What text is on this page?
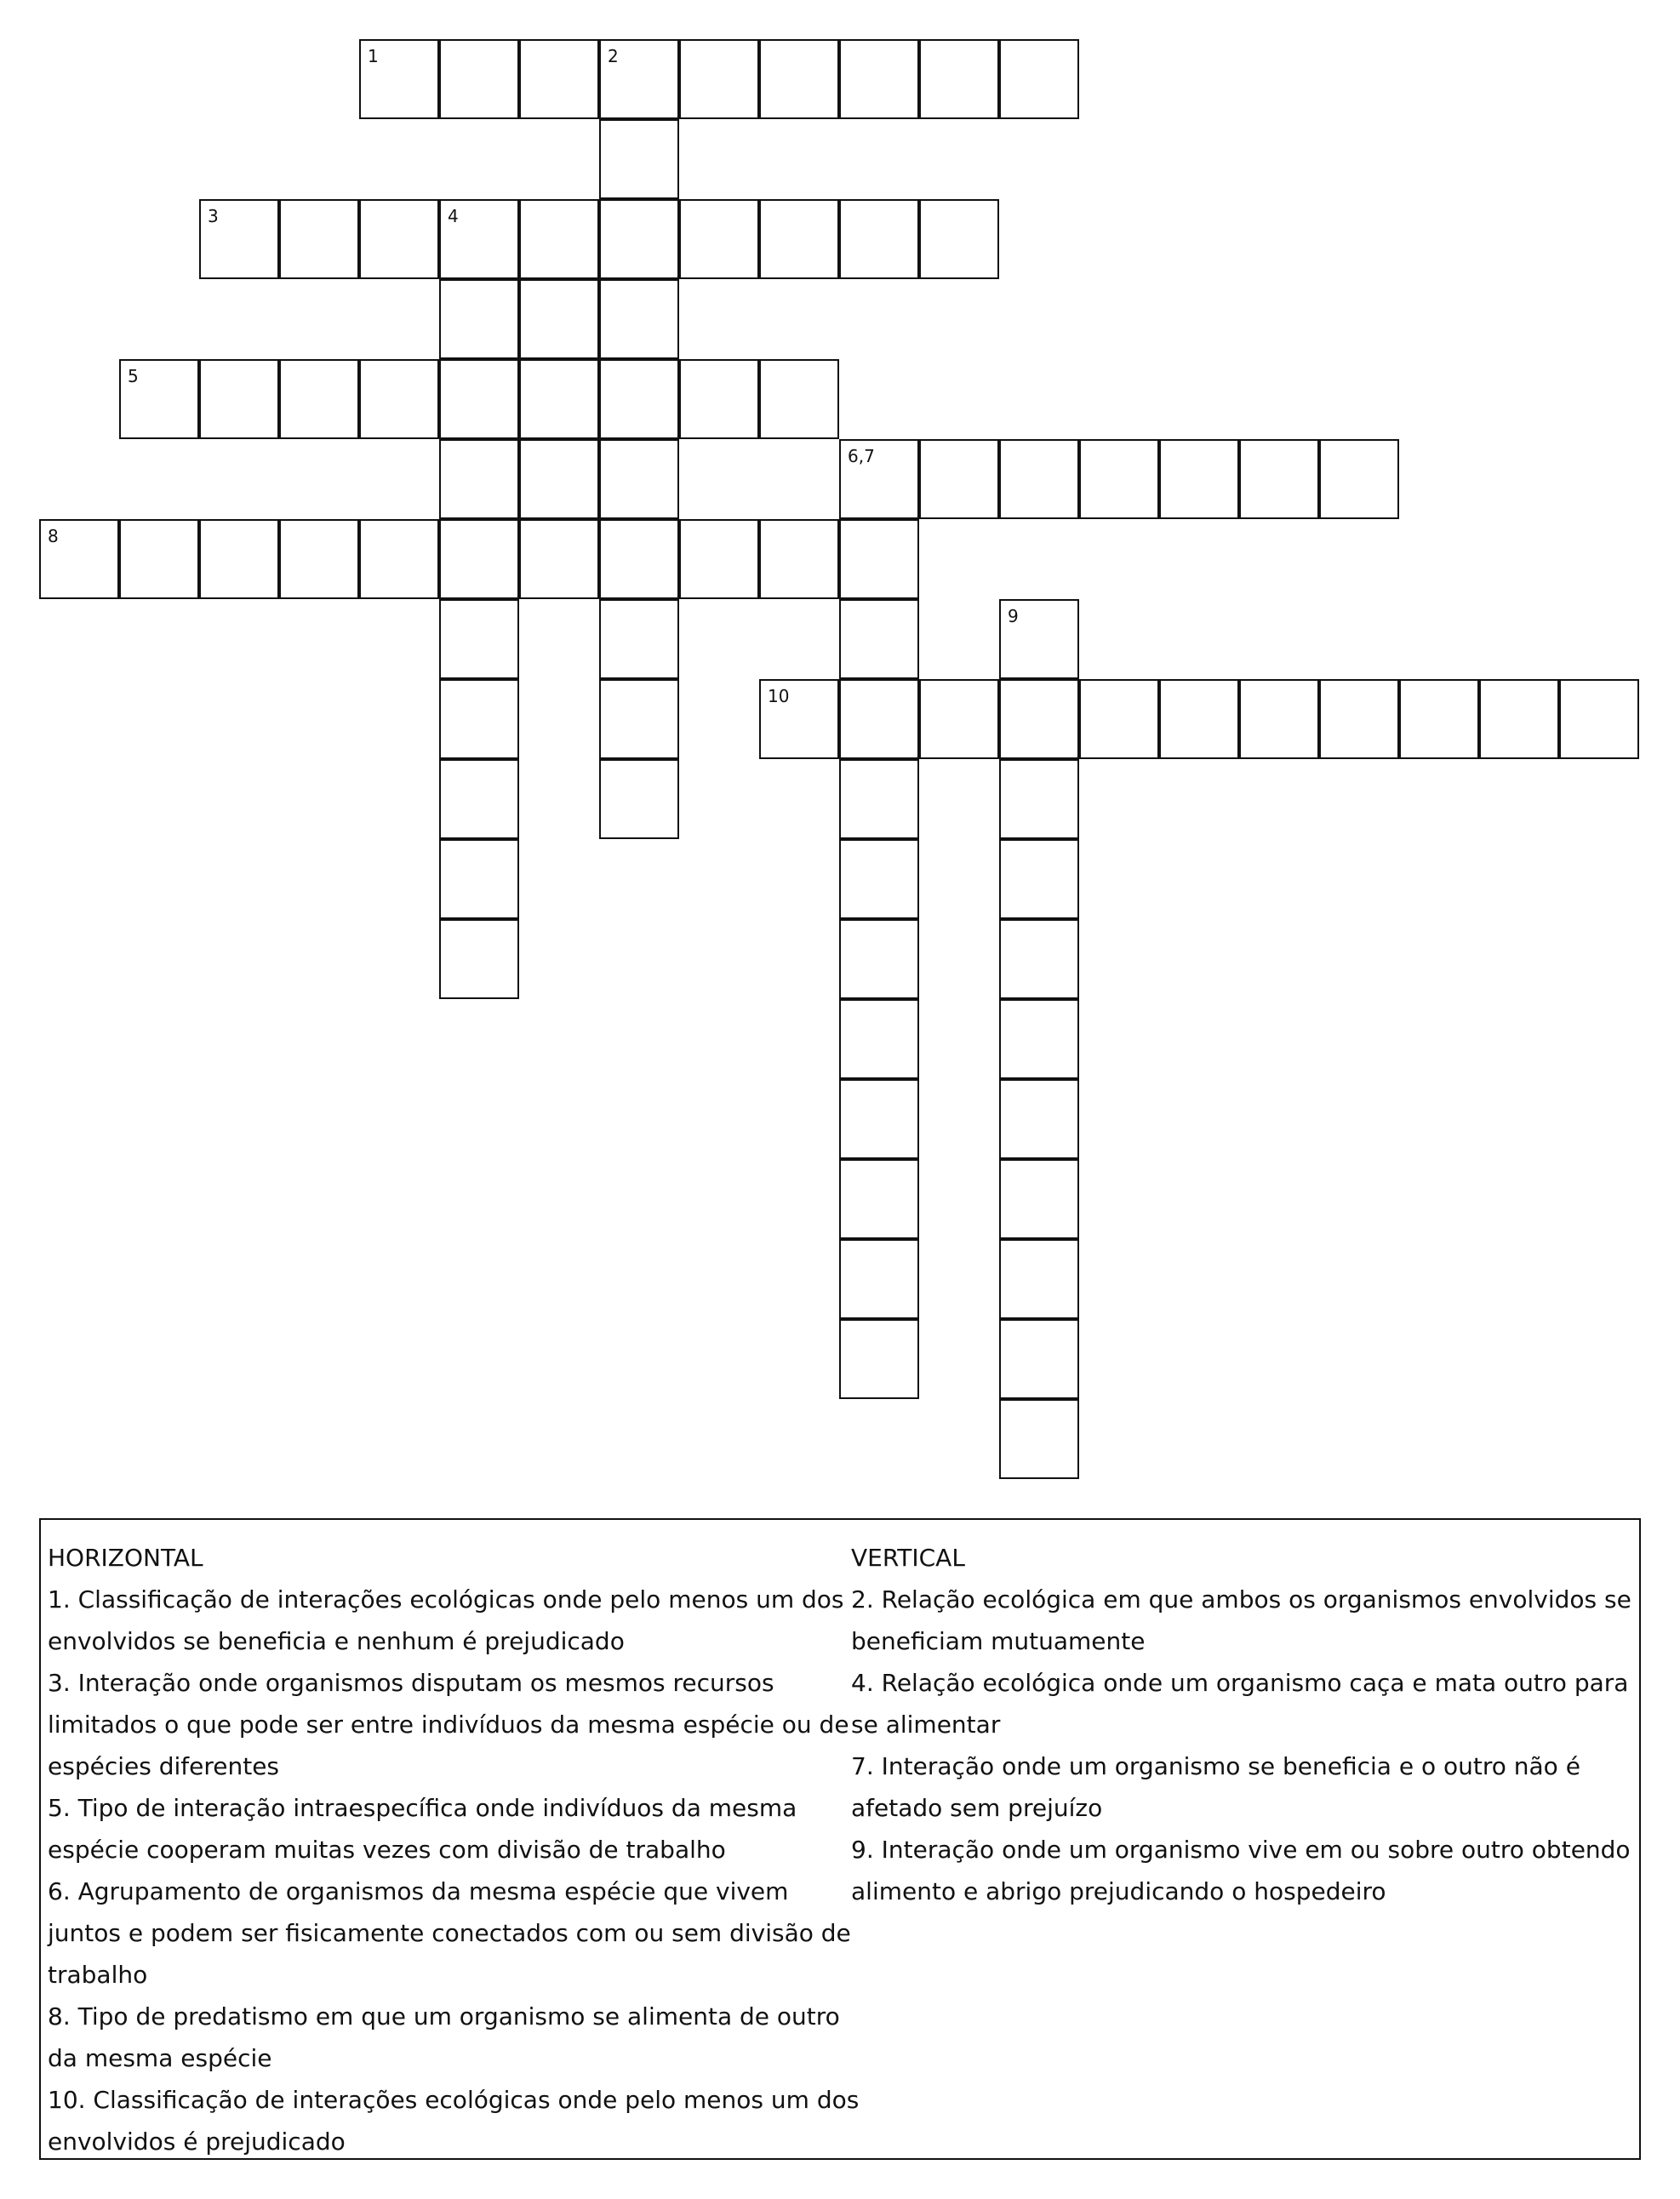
1	2
3	4
5
6,7
8
9
10

HORIZONTAL

1. Classificação de interações ecológicas onde pelo menos um dos envolvidos se beneficia e nenhum é prejudicado

3. Interação onde organismos disputam os mesmos recursos limitados o que pode ser entre indivíduos da mesma espécie ou de espécies diferentes

5. Tipo de interação intraespecífica onde indivíduos da mesma espécie cooperam muitas vezes com divisão de trabalho

6. Agrupamento de organismos da mesma espécie que vivem juntos e podem ser fisicamente conectados com ou sem divisão de trabalho

8. Tipo de predatismo em que um organismo se alimenta de outro da mesma espécie

10. Classificação de interações ecológicas onde pelo menos um dos envolvidos é prejudicado

VERTICAL

2. Relação ecológica em que ambos os organismos envolvidos se beneficiam mutuamente

4. Relação ecológica onde um organismo caça e mata outro para se alimentar

7. Interação onde um organismo se beneficia e o outro não é afetado sem prejuízo

9. Interação onde um organismo vive em ou sobre outro obtendo alimento e abrigo prejudicando o hospedeiro
